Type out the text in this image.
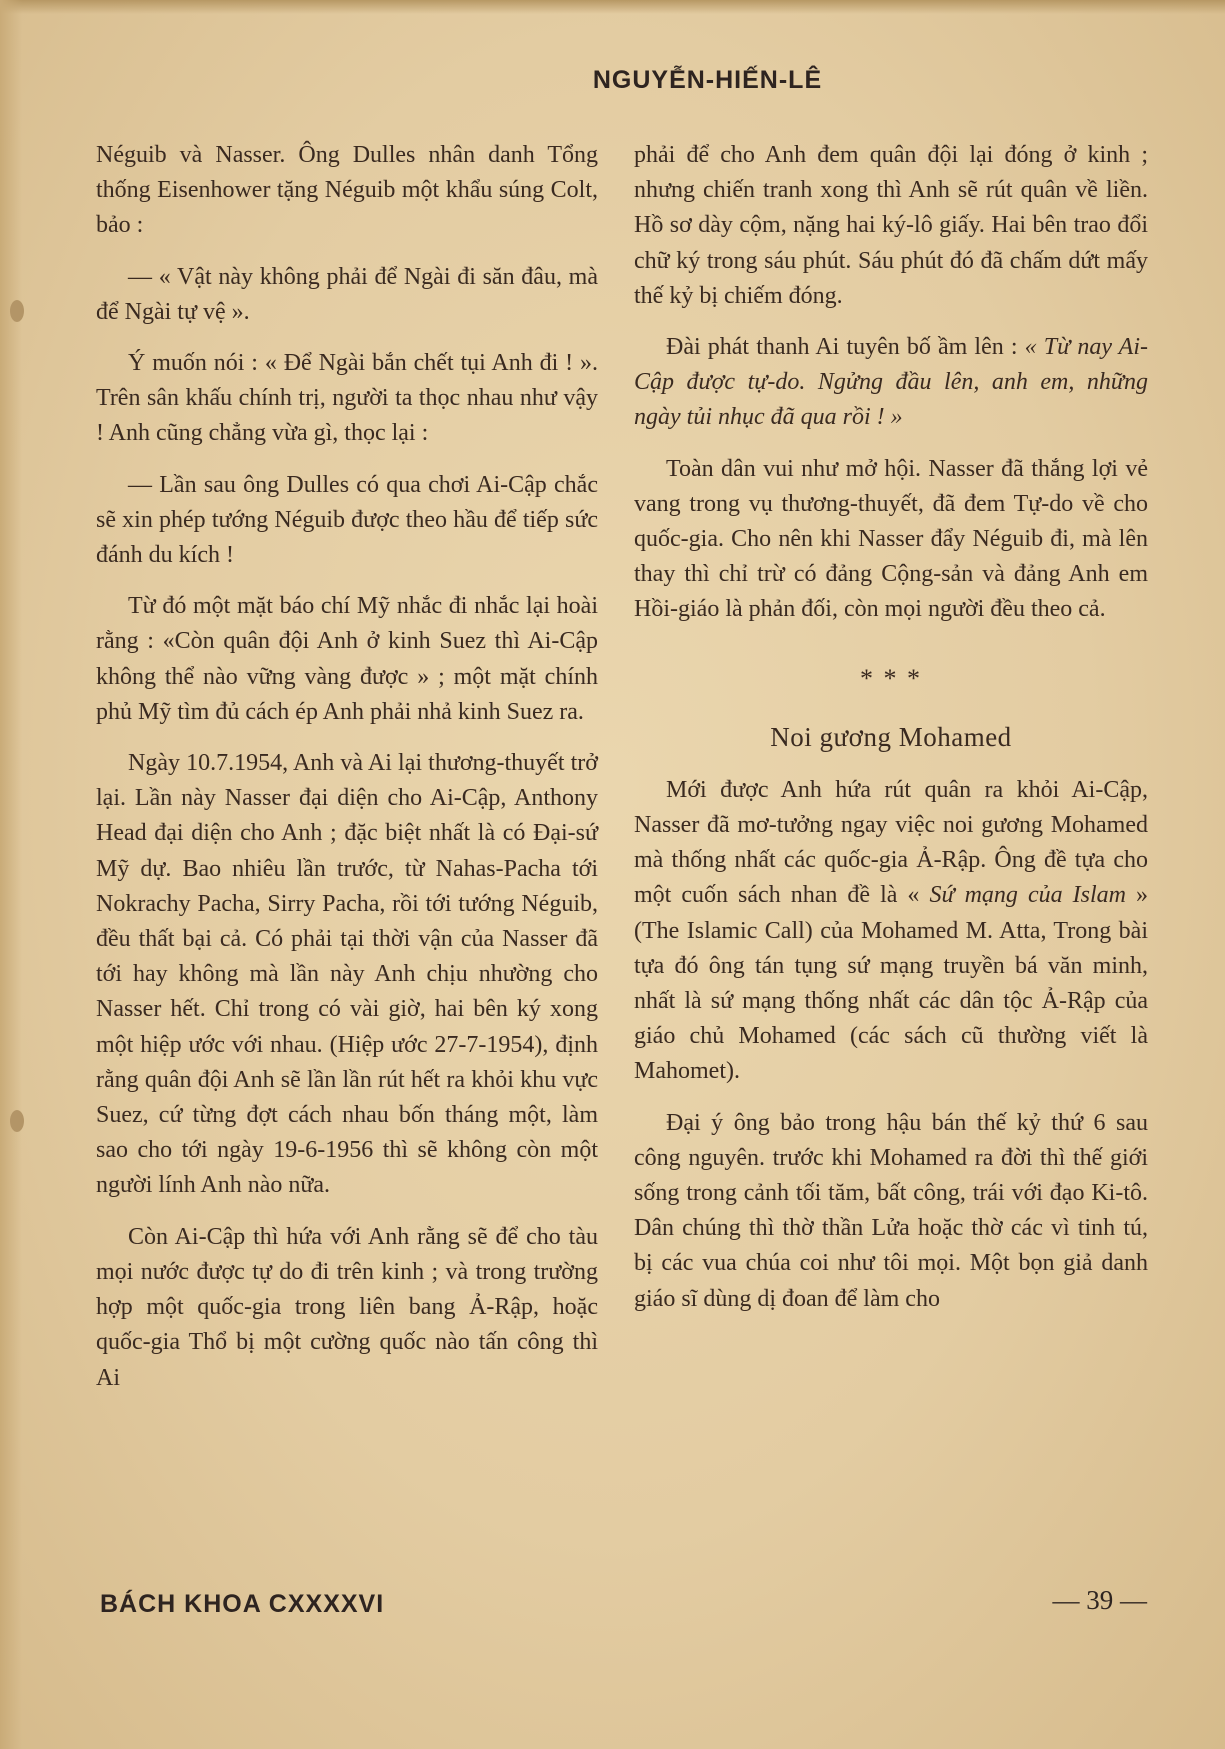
NGUYỄN-HIẾN-LÊ

Néguib và Nasser. Ông Dulles nhân danh Tổng thống Eisenhower tặng Néguib một khẩu súng Colt, bảo :

— « Vật này không phải để Ngài đi săn đâu, mà để Ngài tự vệ ».

Ý muốn nói : « Để Ngài bắn chết tụi Anh đi ! ». Trên sân khấu chính trị, người ta thọc nhau như vậy ! Anh cũng chẳng vừa gì, thọc lại :

— Lần sau ông Dulles có qua chơi Ai-Cập chắc sẽ xin phép tướng Néguib được theo hầu để tiếp sức đánh du kích !

Từ đó một mặt báo chí Mỹ nhắc đi nhắc lại hoài rằng : «Còn quân đội Anh ở kinh Suez thì Ai-Cập không thể nào vững vàng được » ; một mặt chính phủ Mỹ tìm đủ cách ép Anh phải nhả kinh Suez ra.

Ngày 10.7.1954, Anh và Ai lại thương-thuyết trở lại. Lần này Nasser đại diện cho Ai-Cập, Anthony Head đại diện cho Anh ; đặc biệt nhất là có Đại-sứ Mỹ dự. Bao nhiêu lần trước, từ Nahas-Pacha tới Nokrachy Pacha, Sirry Pacha, rồi tới tướng Néguib, đều thất bại cả. Có phải tại thời vận của Nasser đã tới hay không mà lần này Anh chịu nhường cho Nasser hết. Chỉ trong có vài giờ, hai bên ký xong một hiệp ước với nhau. (Hiệp ước 27-7-1954), định rằng quân đội Anh sẽ lần lần rút hết ra khỏi khu vực Suez, cứ từng đợt cách nhau bốn tháng một, làm sao cho tới ngày 19-6-1956 thì sẽ không còn một người lính Anh nào nữa.

Còn Ai-Cập thì hứa với Anh rằng sẽ để cho tàu mọi nước được tự do đi trên kinh ; và trong trường hợp một quốc-gia trong liên bang Ả-Rập, hoặc quốc-gia Thổ bị một cường quốc nào tấn công thì Ai

phải để cho Anh đem quân đội lại đóng ở kinh ; nhưng chiến tranh xong thì Anh sẽ rút quân về liền. Hồ sơ dày cộm, nặng hai ký-lô giấy. Hai bên trao đổi chữ ký trong sáu phút. Sáu phút đó đã chấm dứt mấy thế kỷ bị chiếm đóng.

Đài phát thanh Ai tuyên bố ầm lên : « Từ nay Ai-Cập được tự-do. Ngửng đầu lên, anh em, những ngày tủi nhục đã qua rồi ! »

Toàn dân vui như mở hội. Nasser đã thắng lợi vẻ vang trong vụ thương-thuyết, đã đem Tự-do về cho quốc-gia. Cho nên khi Nasser đẩy Néguib đi, mà lên thay thì chỉ trừ có đảng Cộng-sản và đảng Anh em Hồi-giáo là phản đối, còn mọi người đều theo cả.

* * *
Noi gương Mohamed

Mới được Anh hứa rút quân ra khỏi Ai-Cập, Nasser đã mơ-tưởng ngay việc noi gương Mohamed mà thống nhất các quốc-gia Ả-Rập. Ông đề tựa cho một cuốn sách nhan đề là « Sứ mạng của Islam » (The Islamic Call) của Mohamed M. Atta, Trong bài tựa đó ông tán tụng sứ mạng truyền bá văn minh, nhất là sứ mạng thống nhất các dân tộc Ả-Rập của giáo chủ Mohamed (các sách cũ thường viết là Mahomet).

Đại ý ông bảo trong hậu bán thế kỷ thứ 6 sau công nguyên. trước khi Mohamed ra đời thì thế giới sống trong cảnh tối tăm, bất công, trái với đạo Ki-tô. Dân chúng thì thờ thần Lửa hoặc thờ các vì tinh tú, bị các vua chúa coi như tôi mọi. Một bọn giả danh giáo sĩ dùng dị đoan để làm cho

BÁCH KHOA CXXXXVI	— 39 —
